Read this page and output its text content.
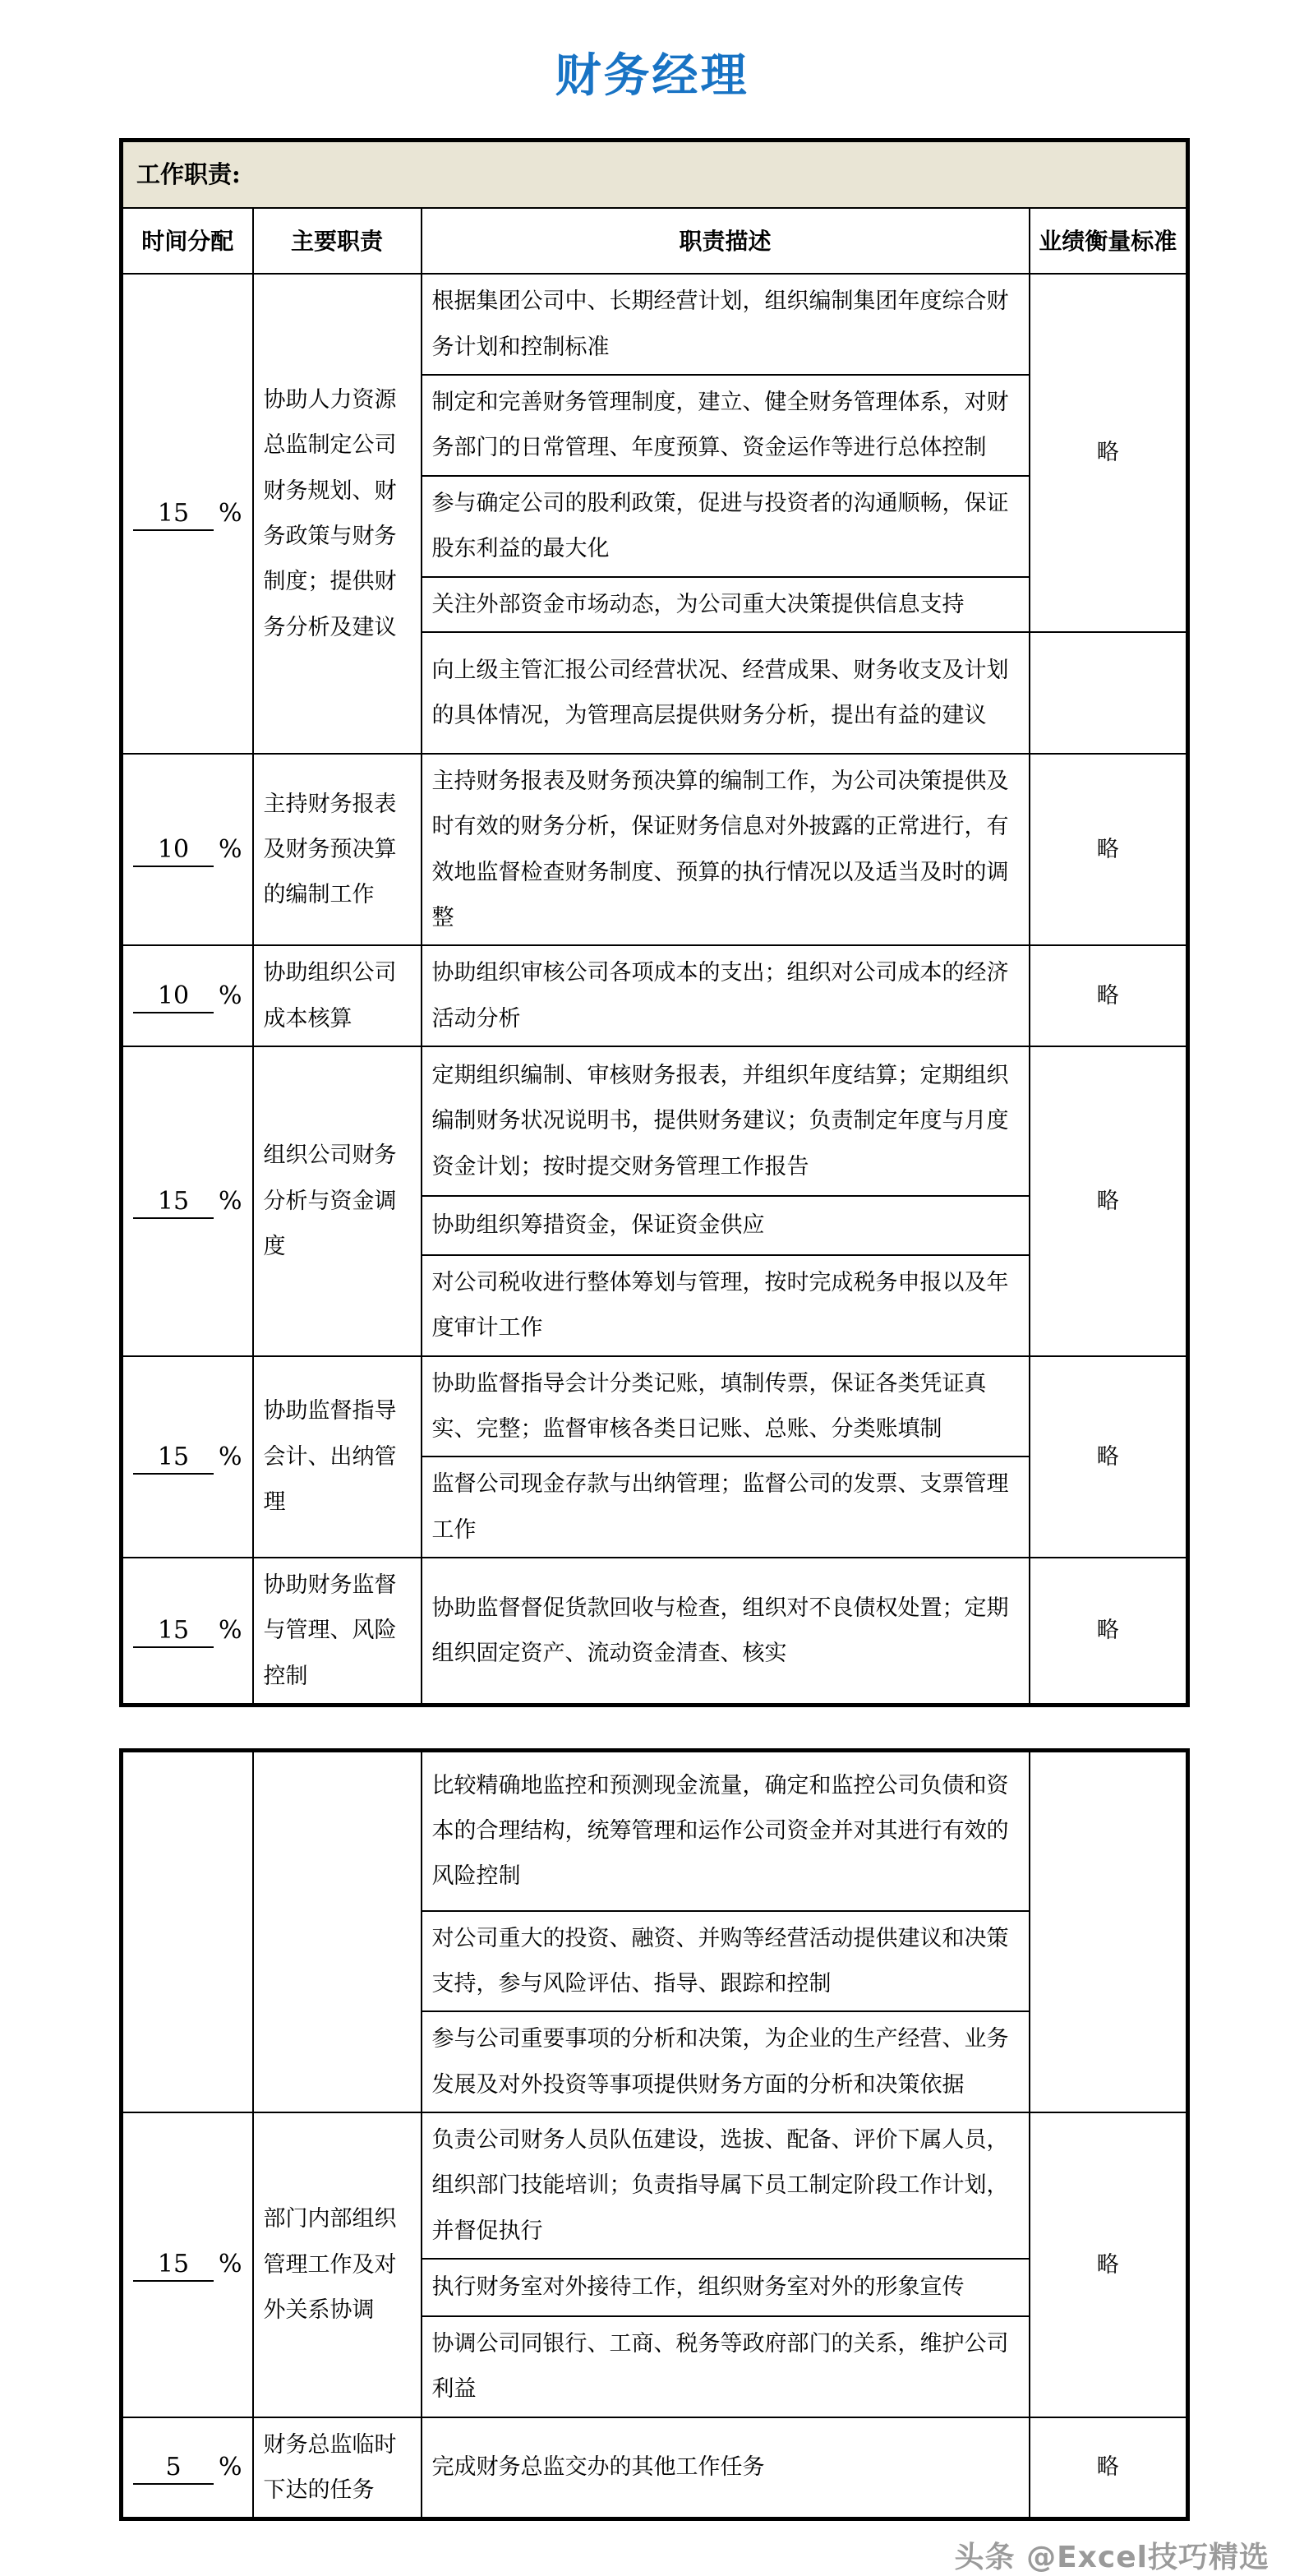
财务经理
工作职责:			
时间分配	主要职责	职责描述	业绩衡量标准
15 %	协助人力资源总监制定公司财务规划、财务政策与财务制度；提供财务分析及建议	根据集团公司中、长期经营计划，组织编制集团年度综合财务计划和控制标准	略
		制定和完善财务管理制度，建立、健全财务管理体系，对财务部门的日常管理、年度预算、资金运作等进行总体控制	
		参与确定公司的股利政策，促进与投资者的沟通顺畅，保证股东利益的最大化	
		关注外部资金市场动态，为公司重大决策提供信息支持	
		向上级主管汇报公司经营状况、经营成果、财务收支及计划的具体情况，为管理高层提供财务分析，提出有益的建议	
10 %	主持财务报表及财务预决算的编制工作	主持财务报表及财务预决算的编制工作，为公司决策提供及时有效的财务分析，保证财务信息对外披露的正常进行，有效地监督检查财务制度、预算的执行情况以及适当及时的调整	略
10 %	协助组织公司成本核算	协助组织审核公司各项成本的支出；组织对公司成本的经济活动分析	略
15 %	组织公司财务分析与资金调度	定期组织编制、审核财务报表，并组织年度结算；定期组织编制财务状况说明书，提供财务建议；负责制定年度与月度资金计划；按时提交财务管理工作报告	略
		协助组织筹措资金，保证资金供应	
		对公司税收进行整体筹划与管理，按时完成税务申报以及年度审计工作	
15 %	协助监督指导会计、出纳管理	协助监督指导会计分类记账，填制传票，保证各类凭证真实、完整；监督审核各类日记账、总账、分类账填制	略
		监督公司现金存款与出纳管理；监督公司的发票、支票管理工作	
15 %	协助财务监督与管理、风险控制	协助监督督促货款回收与检查，组织对不良债权处置；定期组织固定资产、流动资金清查、核实	略
		比较精确地监控和预测现金流量，确定和监控公司负债和资本的合理结构，统筹管理和运作公司资金并对其进行有效的风险控制	
		对公司重大的投资、融资、并购等经营活动提供建议和决策支持，参与风险评估、指导、跟踪和控制	
		参与公司重要事项的分析和决策，为企业的生产经营、业务发展及对外投资等事项提供财务方面的分析和决策依据	
15 %	部门内部组织管理工作及对外关系协调	负责公司财务人员队伍建设，选拔、配备、评价下属人员，组织部门技能培训；负责指导属下员工制定阶段工作计划，并督促执行	略
		执行财务室对外接待工作，组织财务室对外的形象宣传	
		协调公司同银行、工商、税务等政府部门的关系，维护公司利益	
5 %	财务总监临时下达的任务	完成财务总监交办的其他工作任务	略
头条 @Excel技巧精选
